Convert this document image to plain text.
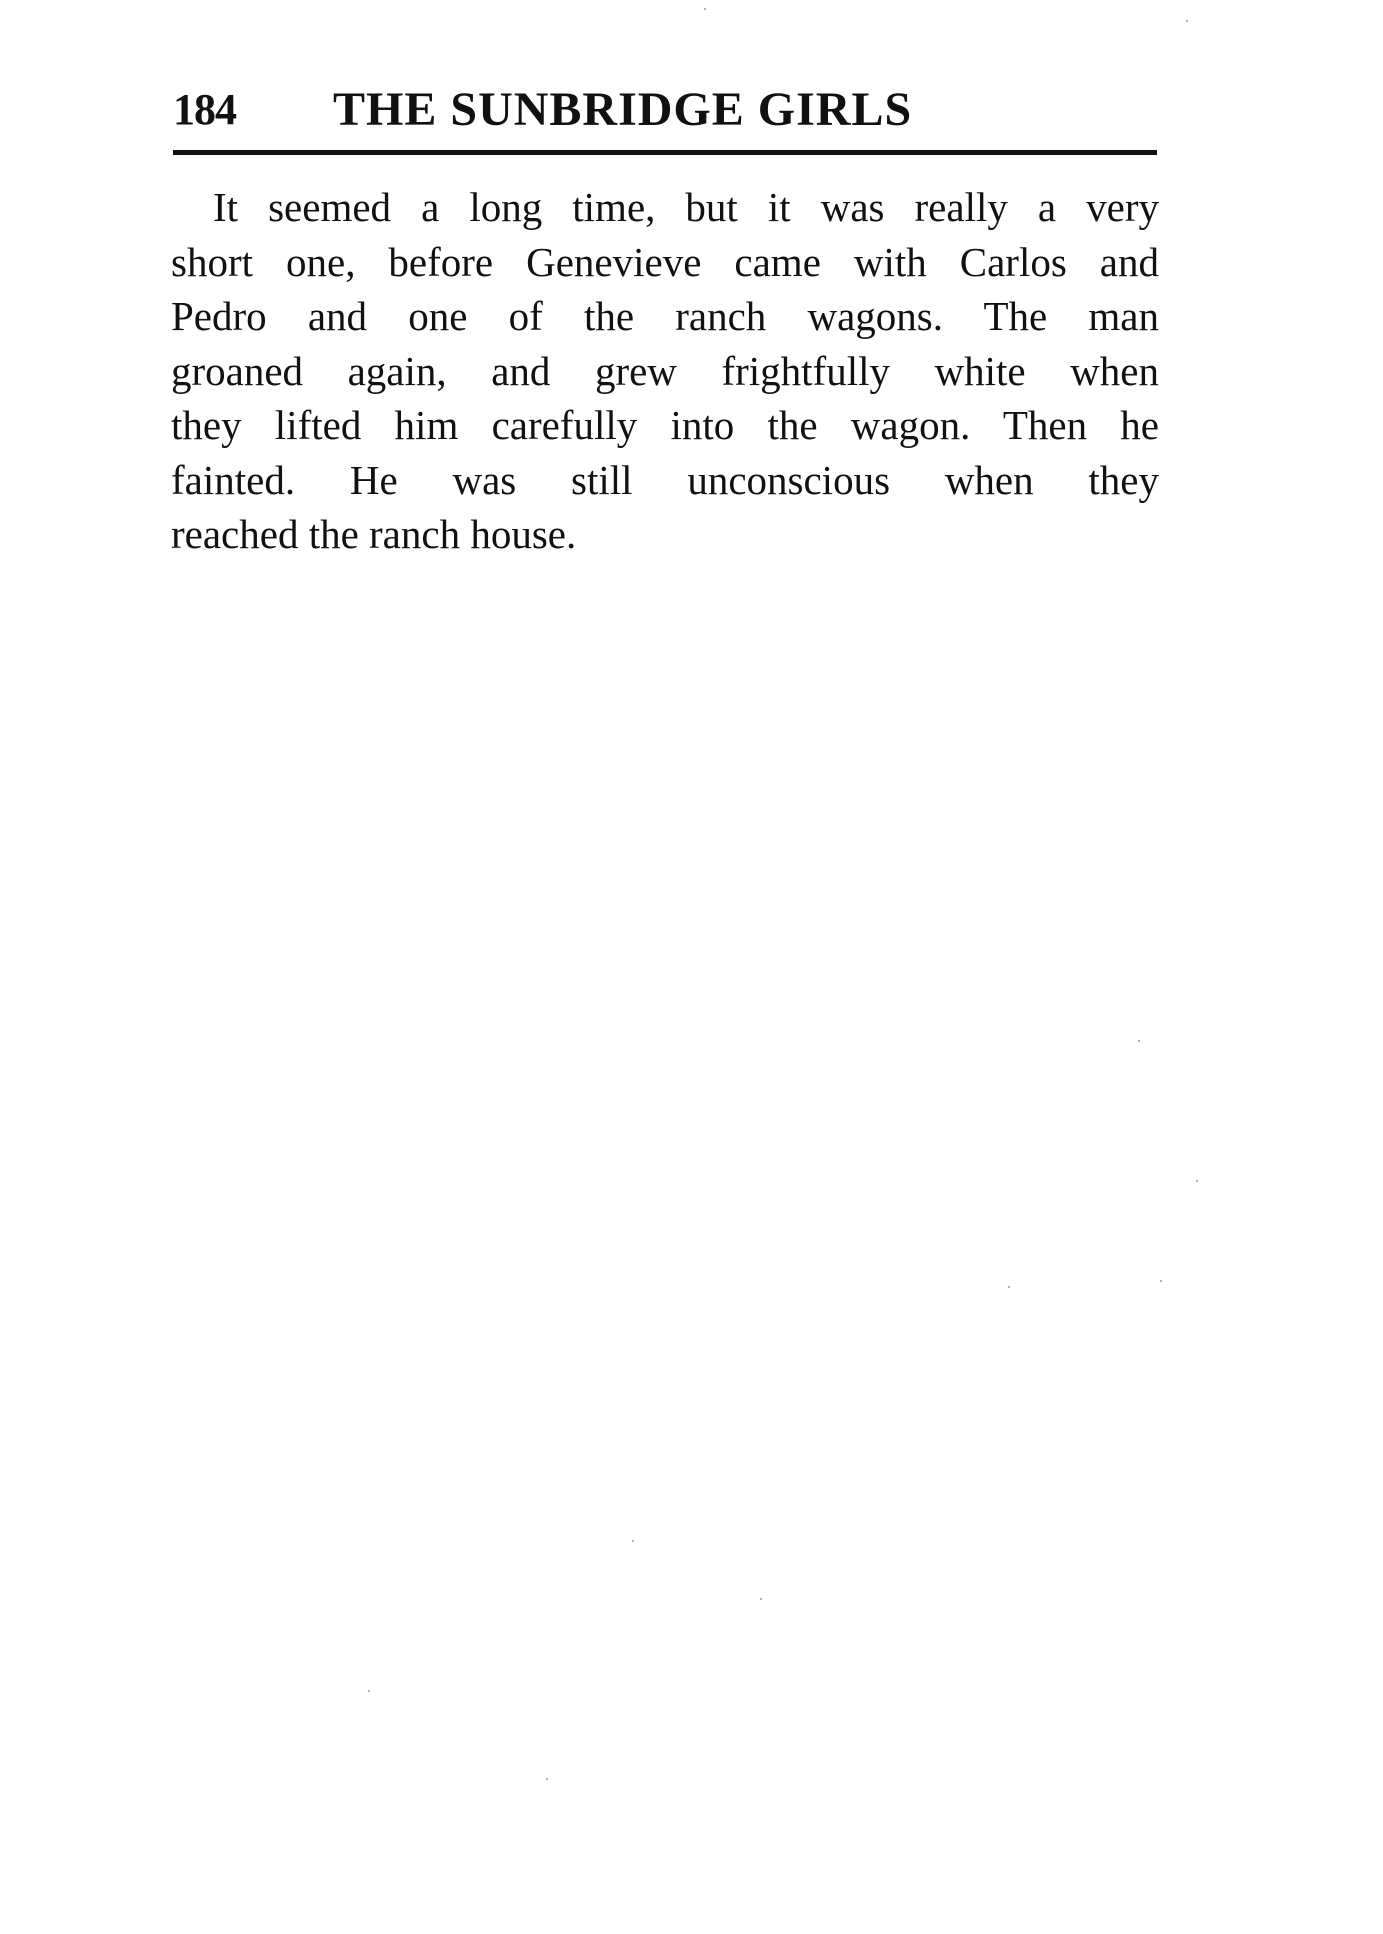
184 THE SUNBRIDGE GIRLS
It seemed a long time, but it was really a very
short one, before Genevieve came with Carlos and
Pedro and one of the ranch wagons. The man
groaned again, and grew frightfully white when
they lifted him carefully into the wagon. Then he
fainted. He was still unconscious when they
reached the ranch house.
